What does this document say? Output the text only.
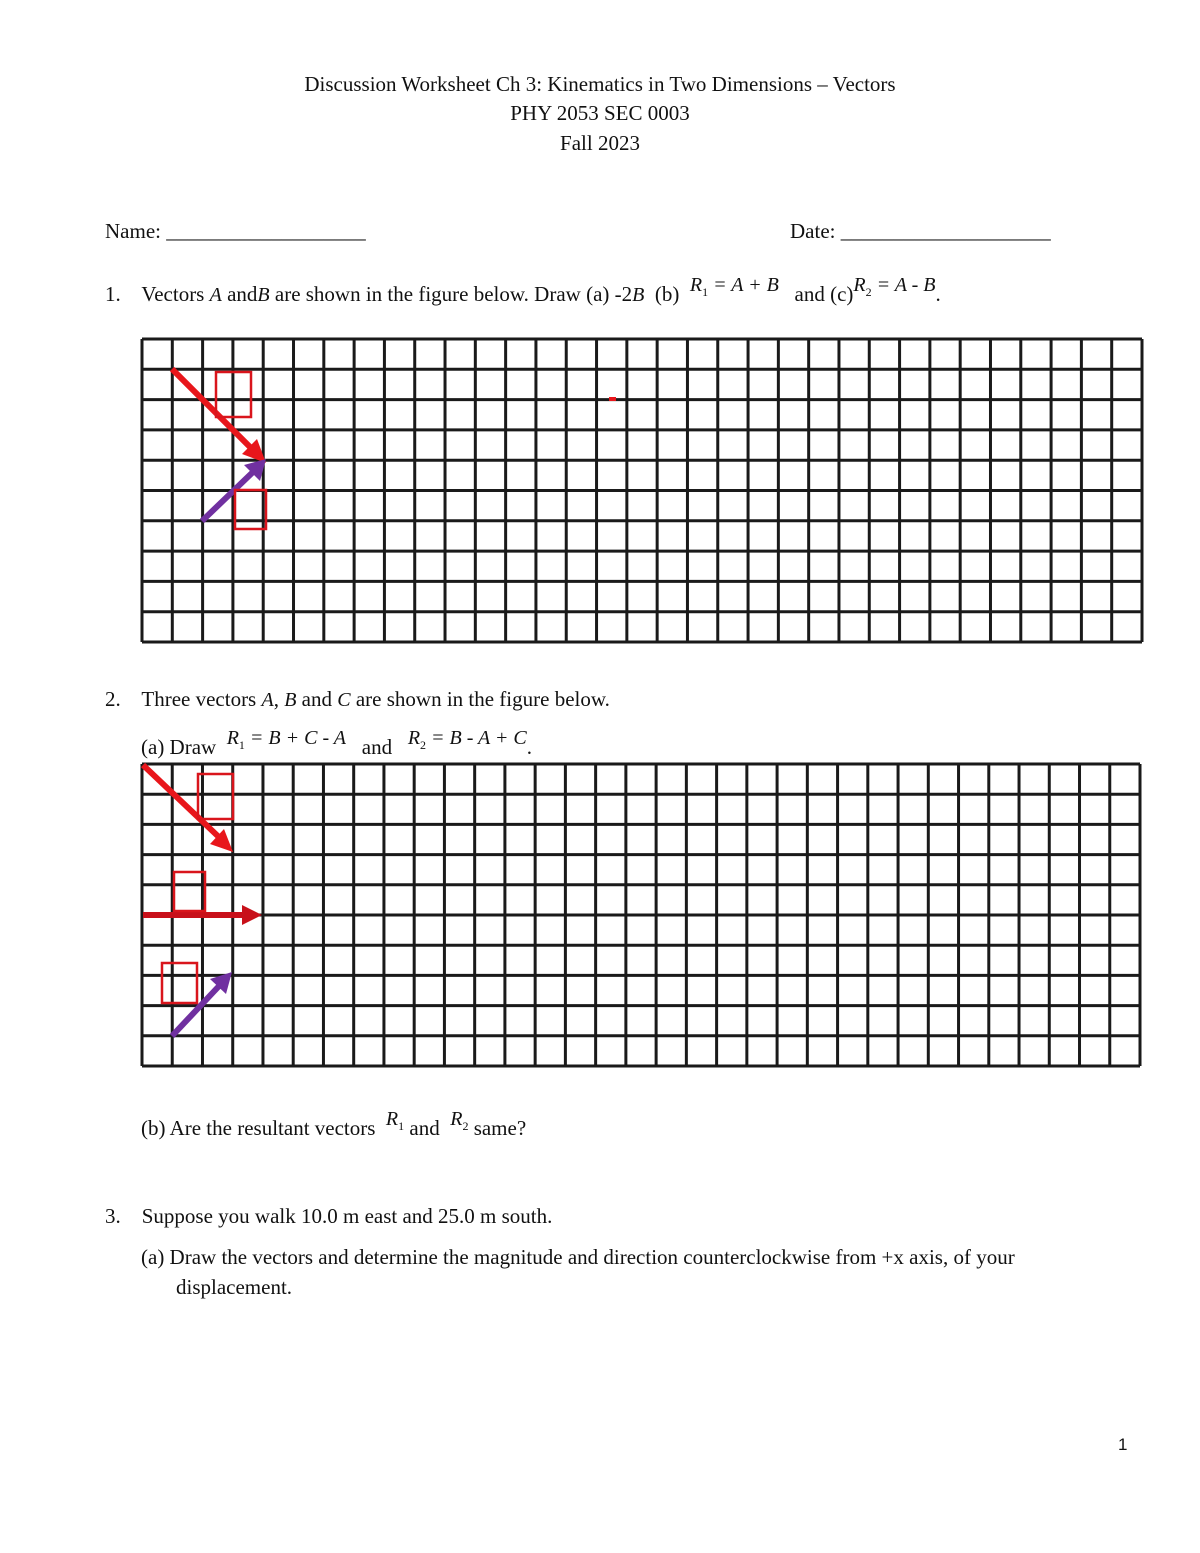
Discussion Worksheet Ch 3: Kinematics in Two Dimensions – Vectors
PHY 2053 SEC 0003
Fall 2023
Name: ___________________	Date: ____________________
1. Vectors A andB are shown in the figure below. Draw (a) -2B (b) $R_1 = A + B$ and $(c)R_2 = A - B$.
2. Three vectors A, B and C are shown in the figure below.
(a) Draw $R_1 = B + C - A$ and $R_2 = B - A + C$.
(b) Are the resultant vectors $R_1$ and $R_2$ same?
3. Suppose you walk 10.0 m east and 25.0 m south.
(a) Draw the vectors and determine the magnitude and direction counterclockwise from +x axis, of your
displacement.
1
